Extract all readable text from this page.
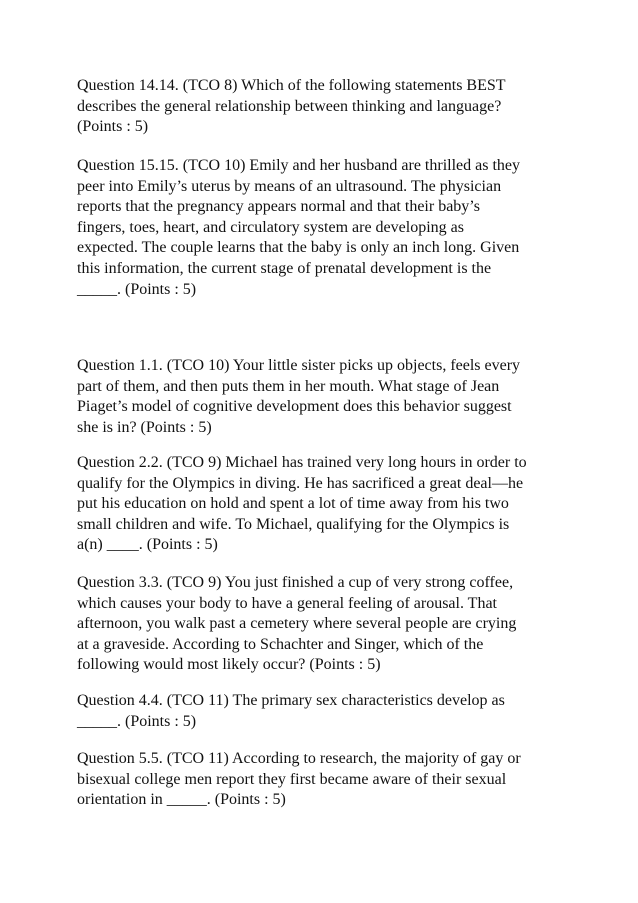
Question 14.14. (TCO 8) Which of the following statements BEST
describes the general relationship between thinking and language?
(Points : 5)

Question 15.15. (TCO 10) Emily and her husband are thrilled as they
peer into Emily’s uterus by means of an ultrasound. The physician
reports that the pregnancy appears normal and that their baby’s
fingers, toes, heart, and circulatory system are developing as
expected. The couple learns that the baby is only an inch long. Given
this information, the current stage of prenatal development is the
_____. (Points : 5)

Question 1.1. (TCO 10) Your little sister picks up objects, feels every
part of them, and then puts them in her mouth. What stage of Jean
Piaget’s model of cognitive development does this behavior suggest
she is in? (Points : 5)

Question 2.2. (TCO 9) Michael has trained very long hours in order to
qualify for the Olympics in diving. He has sacrificed a great deal—he
put his education on hold and spent a lot of time away from his two
small children and wife. To Michael, qualifying for the Olympics is
a(n) ____. (Points : 5)

Question 3.3. (TCO 9) You just finished a cup of very strong coffee,
which causes your body to have a general feeling of arousal. That
afternoon, you walk past a cemetery where several people are crying
at a graveside. According to Schachter and Singer, which of the
following would most likely occur? (Points : 5)

Question 4.4. (TCO 11) The primary sex characteristics develop as
_____. (Points : 5)

Question 5.5. (TCO 11) According to research, the majority of gay or
bisexual college men report they first became aware of their sexual
orientation in _____. (Points : 5)
